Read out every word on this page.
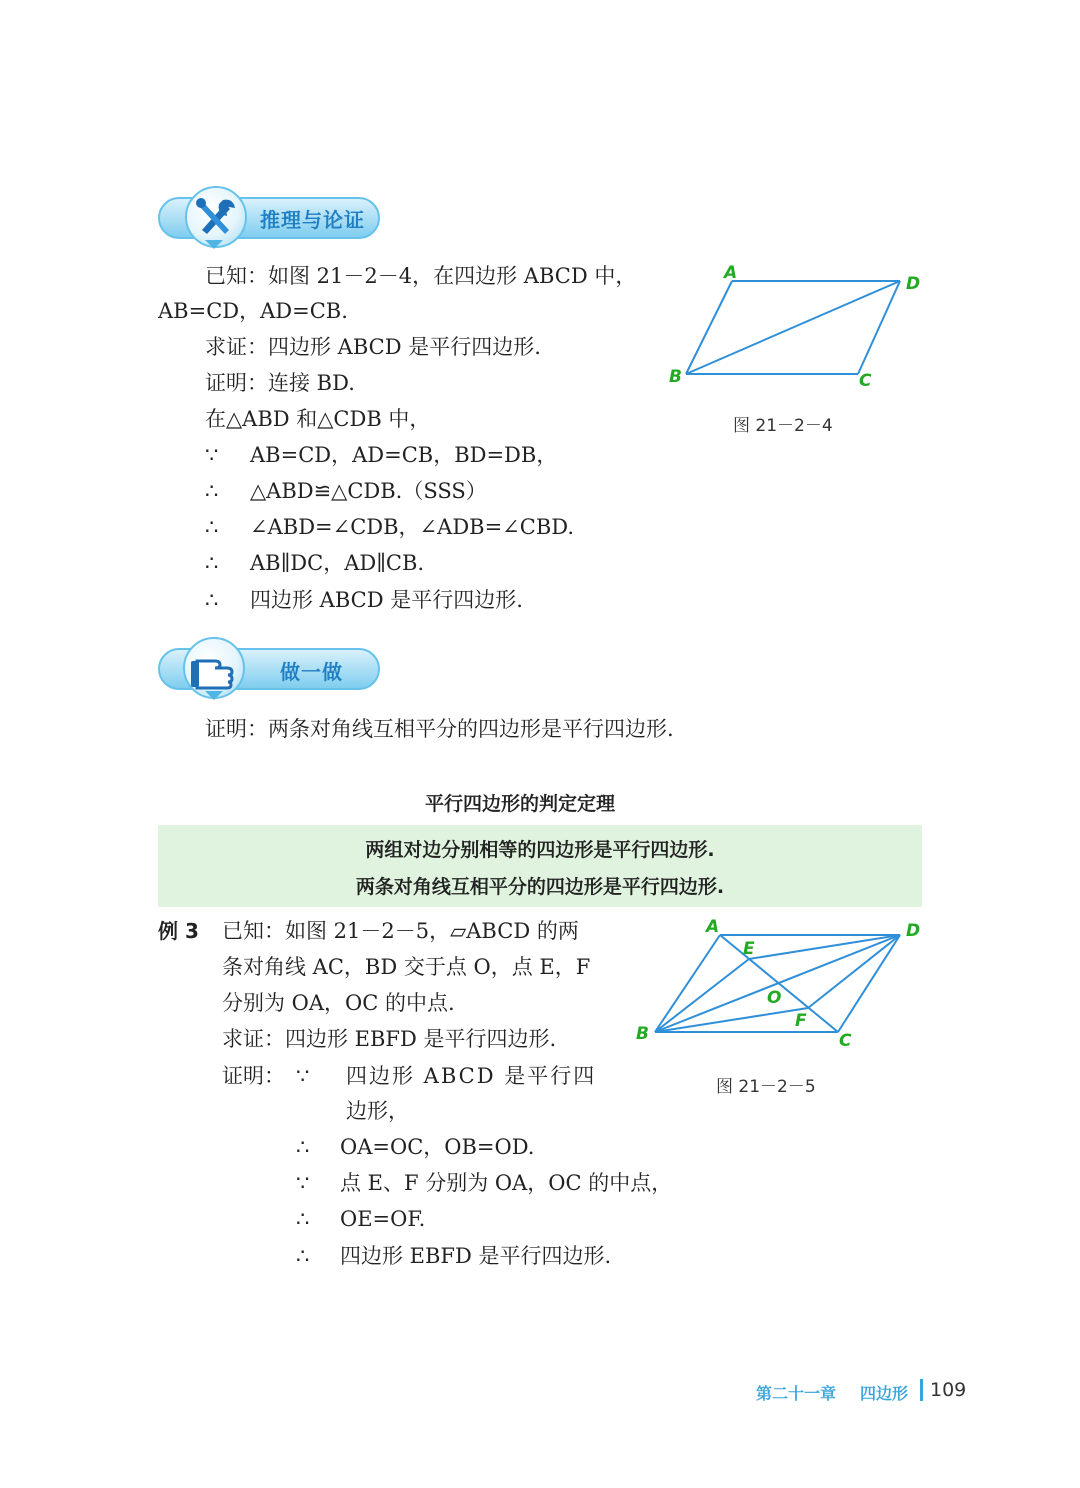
推理与论证
已知：如图 21－2－4，在四边形 ABCD 中，
AB=CD，AD=CB.
求证：四边形 ABCD 是平行四边形.
证明：连接 BD.
在△ABD 和△CDB 中，
∵ AB=CD，AD=CB，BD=DB，
∴ △ABD≌△CDB.（SSS）
∴ ∠ABD=∠CDB，∠ADB=∠CBD.
∴ AB∥DC，AD∥CB.
∴ 四边形 ABCD 是平行四边形.
A
D
B	C
图 21－2－4
做一做
证明：两条对角线互相平分的四边形是平行四边形.
平行四边形的判定定理
两组对边分别相等的四边形是平行四边形.
两条对角线互相平分的四边形是平行四边形.
例 3 已知：如图 21－2－5，▱ABCD 的两
条对角线 AC，BD 交于点 O，点 E，F
分别为 OA，OC 的中点.
求证：四边形 EBFD 是平行四边形.
证明： ∵ 四边形 ABCD 是平行四
边形，
∴ OA=OC，OB=OD.
∵ 点 E、F 分别为 OA，OC 的中点，
∴ OE=OF.
∴ 四边形 EBFD 是平行四边形.
A	D
B	C
E
F
O
图 21－2－5
第二十一章 四边形 109
